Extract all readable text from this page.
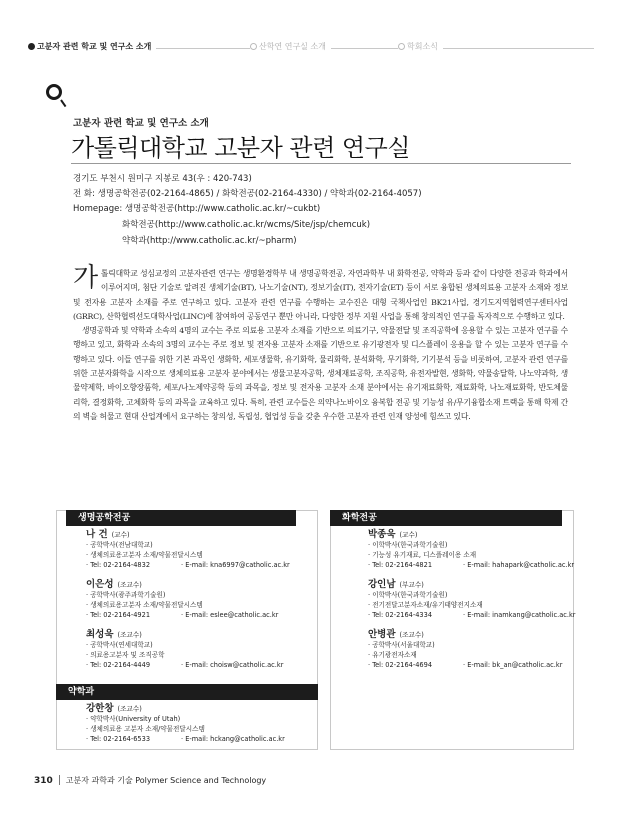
고분자 관련 학교 및 연구소 소개	산학연 연구실 소개	학회소식
고분자 관련 학교 및 연구소 소개
가톨릭대학교 고분자 관련 연구실
경기도 부천시 원미구 지봉로 43(우 : 420-743)
전 화: 생명공학전공(02-2164-4865) / 화학전공(02-2164-4330) / 약학과(02-2164-4057)
Homepage: 생명공학전공(http://www.catholic.ac.kr/~cukbt)
화학전공(http://www.catholic.ac.kr/wcms/Site/jsp/chemcuk)
약학과(http://www.catholic.ac.kr/~pharm)

가톨릭대학교 성심교정의 고분자관련 연구는 생명환경학부 내 생명공학전공, 자연과학부 내 화학전공, 약학과 등과 같이 다양한 전공과 학과에서 이루어지며, 첨단 기술로 알려진 생체기술(BT), 나노기술(NT), 정보기술(IT), 전자기술(ET) 등이 서로 융합된 생체의료용 고분자 소재와 정보 및 전자용 고분자 소재를 주로 연구하고 있다. 고분자 관련 연구를 수행하는 교수진은 대형 국책사업인 BK21사업, 경기도지역협력연구센터사업(GRRC), 산학협력선도대학사업(LINC)에 참여하여 공동연구 뿐만 아니라, 다양한 정부 지원 사업을 통해 창의적인 연구를 독자적으로 수행하고 있다.

생명공학과 및 약학과 소속의 4명의 교수는 주로 의료용 고분자 소재를 기반으로 의료기구, 약물전달 및 조직공학에 응용할 수 있는 고분자 연구를 수행하고 있고, 화학과 소속의 3명의 교수는 주로 정보 및 전자용 고분자 소재를 기반으로 유기광전자 및 디스플레이 응용을 할 수 있는 고분자 연구를 수행하고 있다. 이들 연구를 위한 기본 과목인 생화학, 세포생물학, 유기화학, 물리화학, 분석화학, 무기화학, 기기분석 등을 비롯하여, 고분자 관련 연구를 위한 고분자화학을 시작으로 생체의료용 고분자 분야에서는 생물고분자공학, 생체재료공학, 조직공학, 유전자발현, 생화학, 약물송달학, 나노약과학, 생물약제학, 바이오향장품학, 세포/나노제약공학 등의 과목을, 정보 및 전자용 고분자 소재 분야에서는 유기재료화학, 재료화학, 나노재료화학, 반도체물리학, 결정화학, 고체화학 등의 과목을 교육하고 있다. 특히, 관련 교수들은 의약나노바이오 융복합 전공 및 기능성 유/무기융합소재 트랙을 통해 학제 간의 벽을 허물고 현대 산업계에서 요구하는 창의성, 독립성, 협업성 등을 갖춘 우수한 고분자 관련 인재 양성에 힘쓰고 있다.

생명공학전공
나 건 (교수)
· 공학박사(전남대학교)
· 생체의료용고분자 소재/약물전달시스템
· Tel: 02-2164-4832	· E-mail: kna6997@catholic.ac.kr
이은성 (조교수)
· 공학박사(광주과학기술원)
· 생체의료용고분자 소재/약물전달시스템
· Tel: 02-2164-4921	· E-mail: eslee@catholic.ac.kr
최성욱 (조교수)
· 공학박사(연세대학교)
· 의료용고분자 및 조직공학
· Tel: 02-2164-4449	· E-mail: choisw@catholic.ac.kr
약학과
강한창 (조교수)
· 약학박사(University of Utah)
· 생체의료용 고분자 소재/약물전달시스템
· Tel: 02-2164-6533	· E-mail: hckang@catholic.ac.kr
화학전공
박종욱 (교수)
· 이학박사(한국과학기술원)
· 기능성 유기재료, 디스플레이용 소재
· Tel: 02-2164-4821	· E-mail: hahapark@catholic.ac.kr
강인남 (부교수)
· 이학박사(한국과학기술원)
· 전기전달고분자소재/유기태양전지소재
· Tel: 02-2164-4334	· E-mail: inamkang@catholic.ac.kr
안병관 (조교수)
· 공학박사(서울대학교)
· 유기광전자소재
· Tel: 02-2164-4694	· E-mail: bk_an@catholic.ac.kr
310 고분자 과학과 기술 Polymer Science and Technology
